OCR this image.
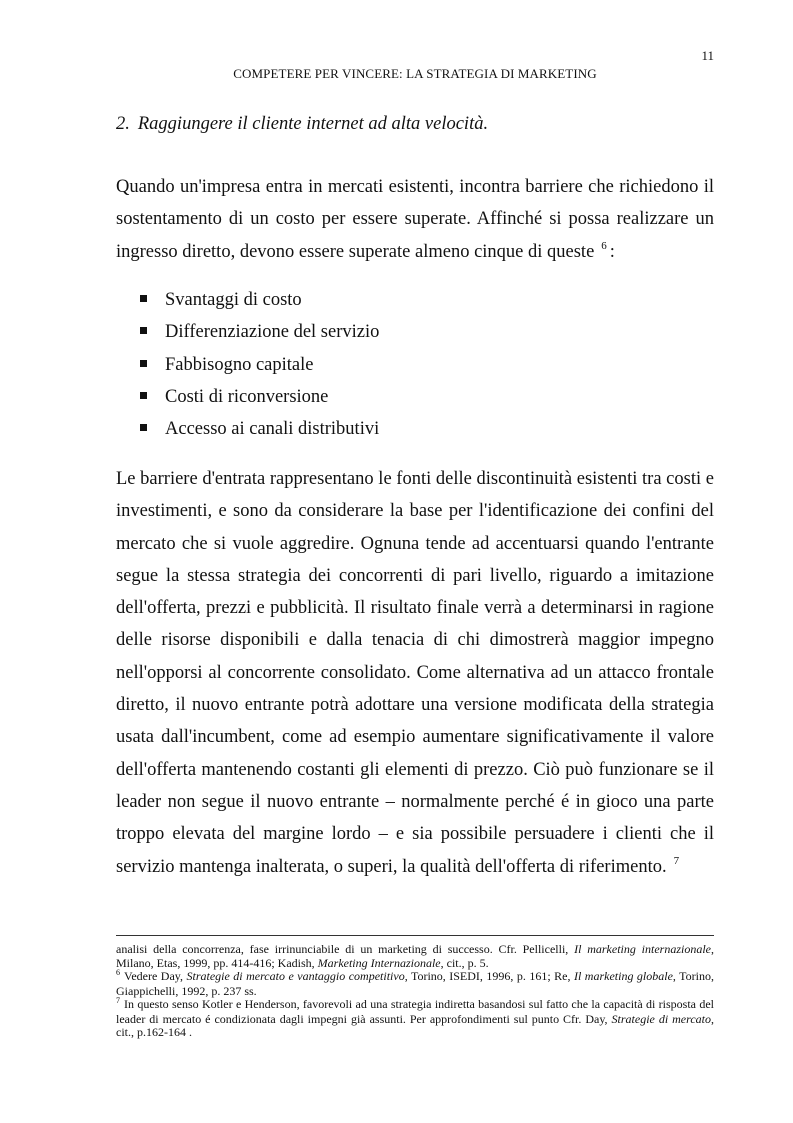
11
COMPETERE PER VINCERE: LA STRATEGIA DI MARKETING
2. Raggiungere il cliente internet ad alta velocità.
Quando un'impresa entra in mercati esistenti, incontra barriere che richiedono il sostentamento di un costo per essere superate. Affinché si possa realizzare un ingresso diretto, devono essere superate almeno cinque di queste $^6$ :
Svantaggi di costo
Differenziazione del servizio
Fabbisogno capitale
Costi di riconversione
Accesso ai canali distributivi
Le barriere d'entrata rappresentano le fonti delle discontinuità esistenti tra costi e investimenti, e sono da considerare la base per l'identificazione dei confini del mercato che si vuole aggredire. Ognuna tende ad accentuarsi quando l'entrante segue la stessa strategia dei concorrenti di pari livello, riguardo a imitazione dell'offerta, prezzi e pubblicità. Il risultato finale verrà a determinarsi in ragione delle risorse disponibili e dalla tenacia di chi dimostrerà maggior impegno nell'opporsi al concorrente consolidato. Come alternativa ad un attacco frontale diretto, il nuovo entrante potrà adottare una versione modificata della strategia usata dall'incumbent, come ad esempio aumentare significativamente il valore dell'offerta mantenendo costanti gli elementi di prezzo. Ciò può funzionare se il leader non segue il nuovo entrante – normalmente perché é in gioco una parte troppo elevata del margine lordo – e sia possibile persuadere i clienti che il servizio mantenga inalterata, o superi, la qualità dell'offerta di riferimento. $^7$

analisi della concorrenza, fase irrinunciabile di un marketing di successo. Cfr. Pellicelli, Il marketing internazionale, Milano, Etas, 1999, pp. 414-416; Kadish, Marketing Internazionale, cit., p. 5.

$^6$ Vedere Day, Strategie di mercato e vantaggio competitivo, Torino, ISEDI, 1996, p. 161; Re, Il marketing globale, Torino, Giappichelli, 1992, p. 237 ss.

$^7$ In questo senso Kotler e Henderson, favorevoli ad una strategia indiretta basandosi sul fatto che la capacità di risposta del leader di mercato é condizionata dagli impegni già assunti. Per approfondimenti sul punto Cfr. Day, Strategie di mercato, cit., p.162-164 .
